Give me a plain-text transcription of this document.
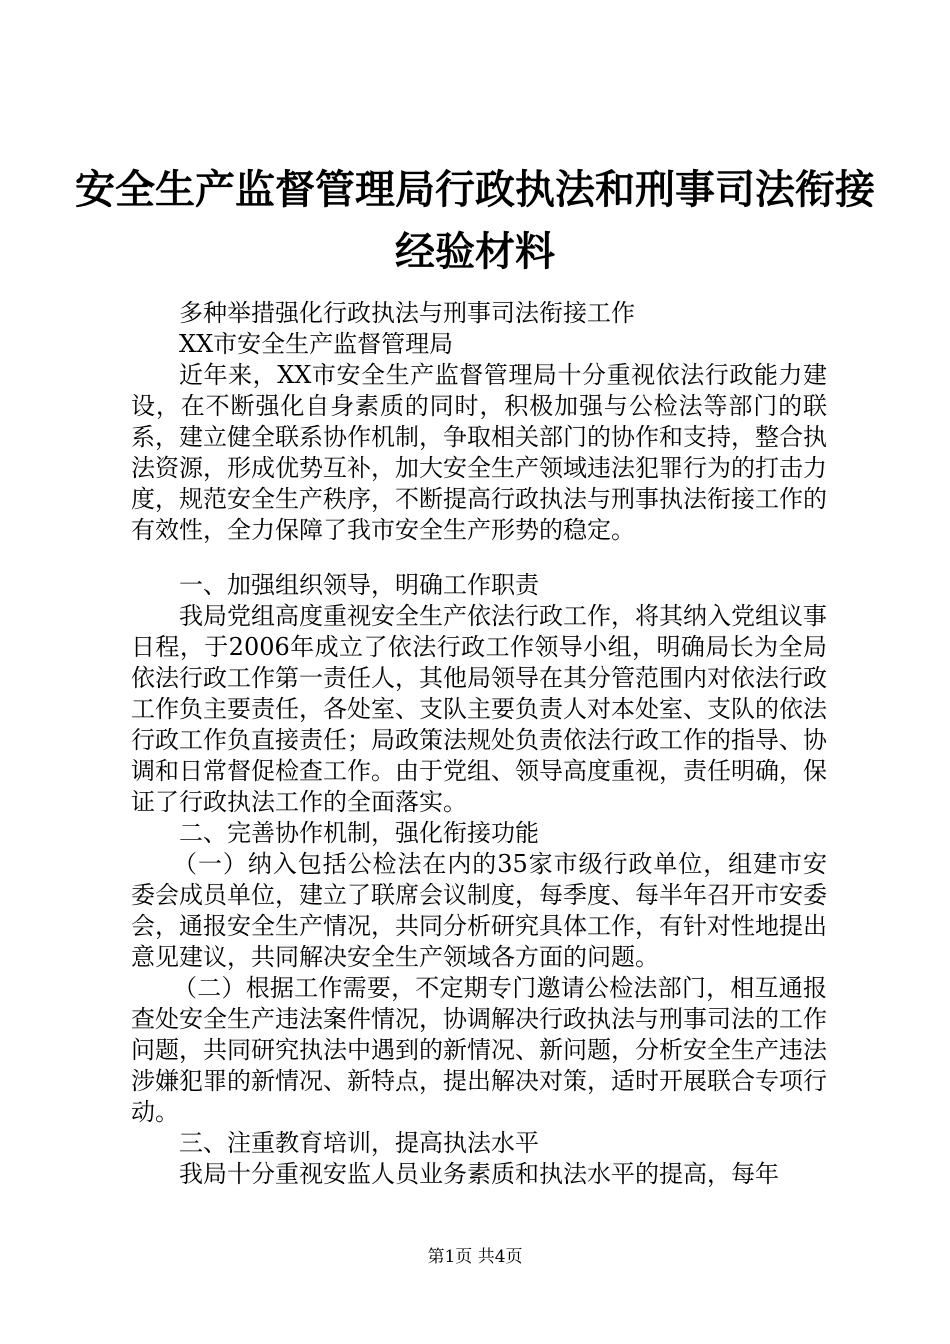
安全生产监督管理局行政执法和刑事司法衔接
经验材料

多种举措强化行政执法与刑事司法衔接工作

XX市安全生产监督管理局

近年来，XX市安全生产监督管理局十分重视依法行政能力建设，在不断强化自身素质的同时，积极加强与公检法等部门的联系，建立健全联系协作机制，争取相关部门的协作和支持，整合执法资源，形成优势互补，加大安全生产领域违法犯罪行为的打击力度，规范安全生产秩序，不断提高行政执法与刑事执法衔接工作的有效性，全力保障了我市安全生产形势的稳定。

一、加强组织领导，明确工作职责

我局党组高度重视安全生产依法行政工作，将其纳入党组议事日程，于2006年成立了依法行政工作领导小组，明确局长为全局依法行政工作第一责任人，其他局领导在其分管范围内对依法行政工作负主要责任，各处室、支队主要负责人对本处室、支队的依法行政工作负直接责任；局政策法规处负责依法行政工作的指导、协调和日常督促检查工作。由于党组、领导高度重视，责任明确，保证了行政执法工作的全面落实。

二、完善协作机制，强化衔接功能

（一）纳入包括公检法在内的35家市级行政单位，组建市安委会成员单位，建立了联席会议制度，每季度、每半年召开市安委会，通报安全生产情况，共同分析研究具体工作，有针对性地提出意见建议，共同解决安全生产领域各方面的问题。

（二）根据工作需要，不定期专门邀请公检法部门，相互通报查处安全生产违法案件情况，协调解决行政执法与刑事司法的工作问题，共同研究执法中遇到的新情况、新问题，分析安全生产违法涉嫌犯罪的新情况、新特点，提出解决对策，适时开展联合专项行动。

三、注重教育培训，提高执法水平

我局十分重视安监人员业务素质和执法水平的提高，每年

第1页 共4页
